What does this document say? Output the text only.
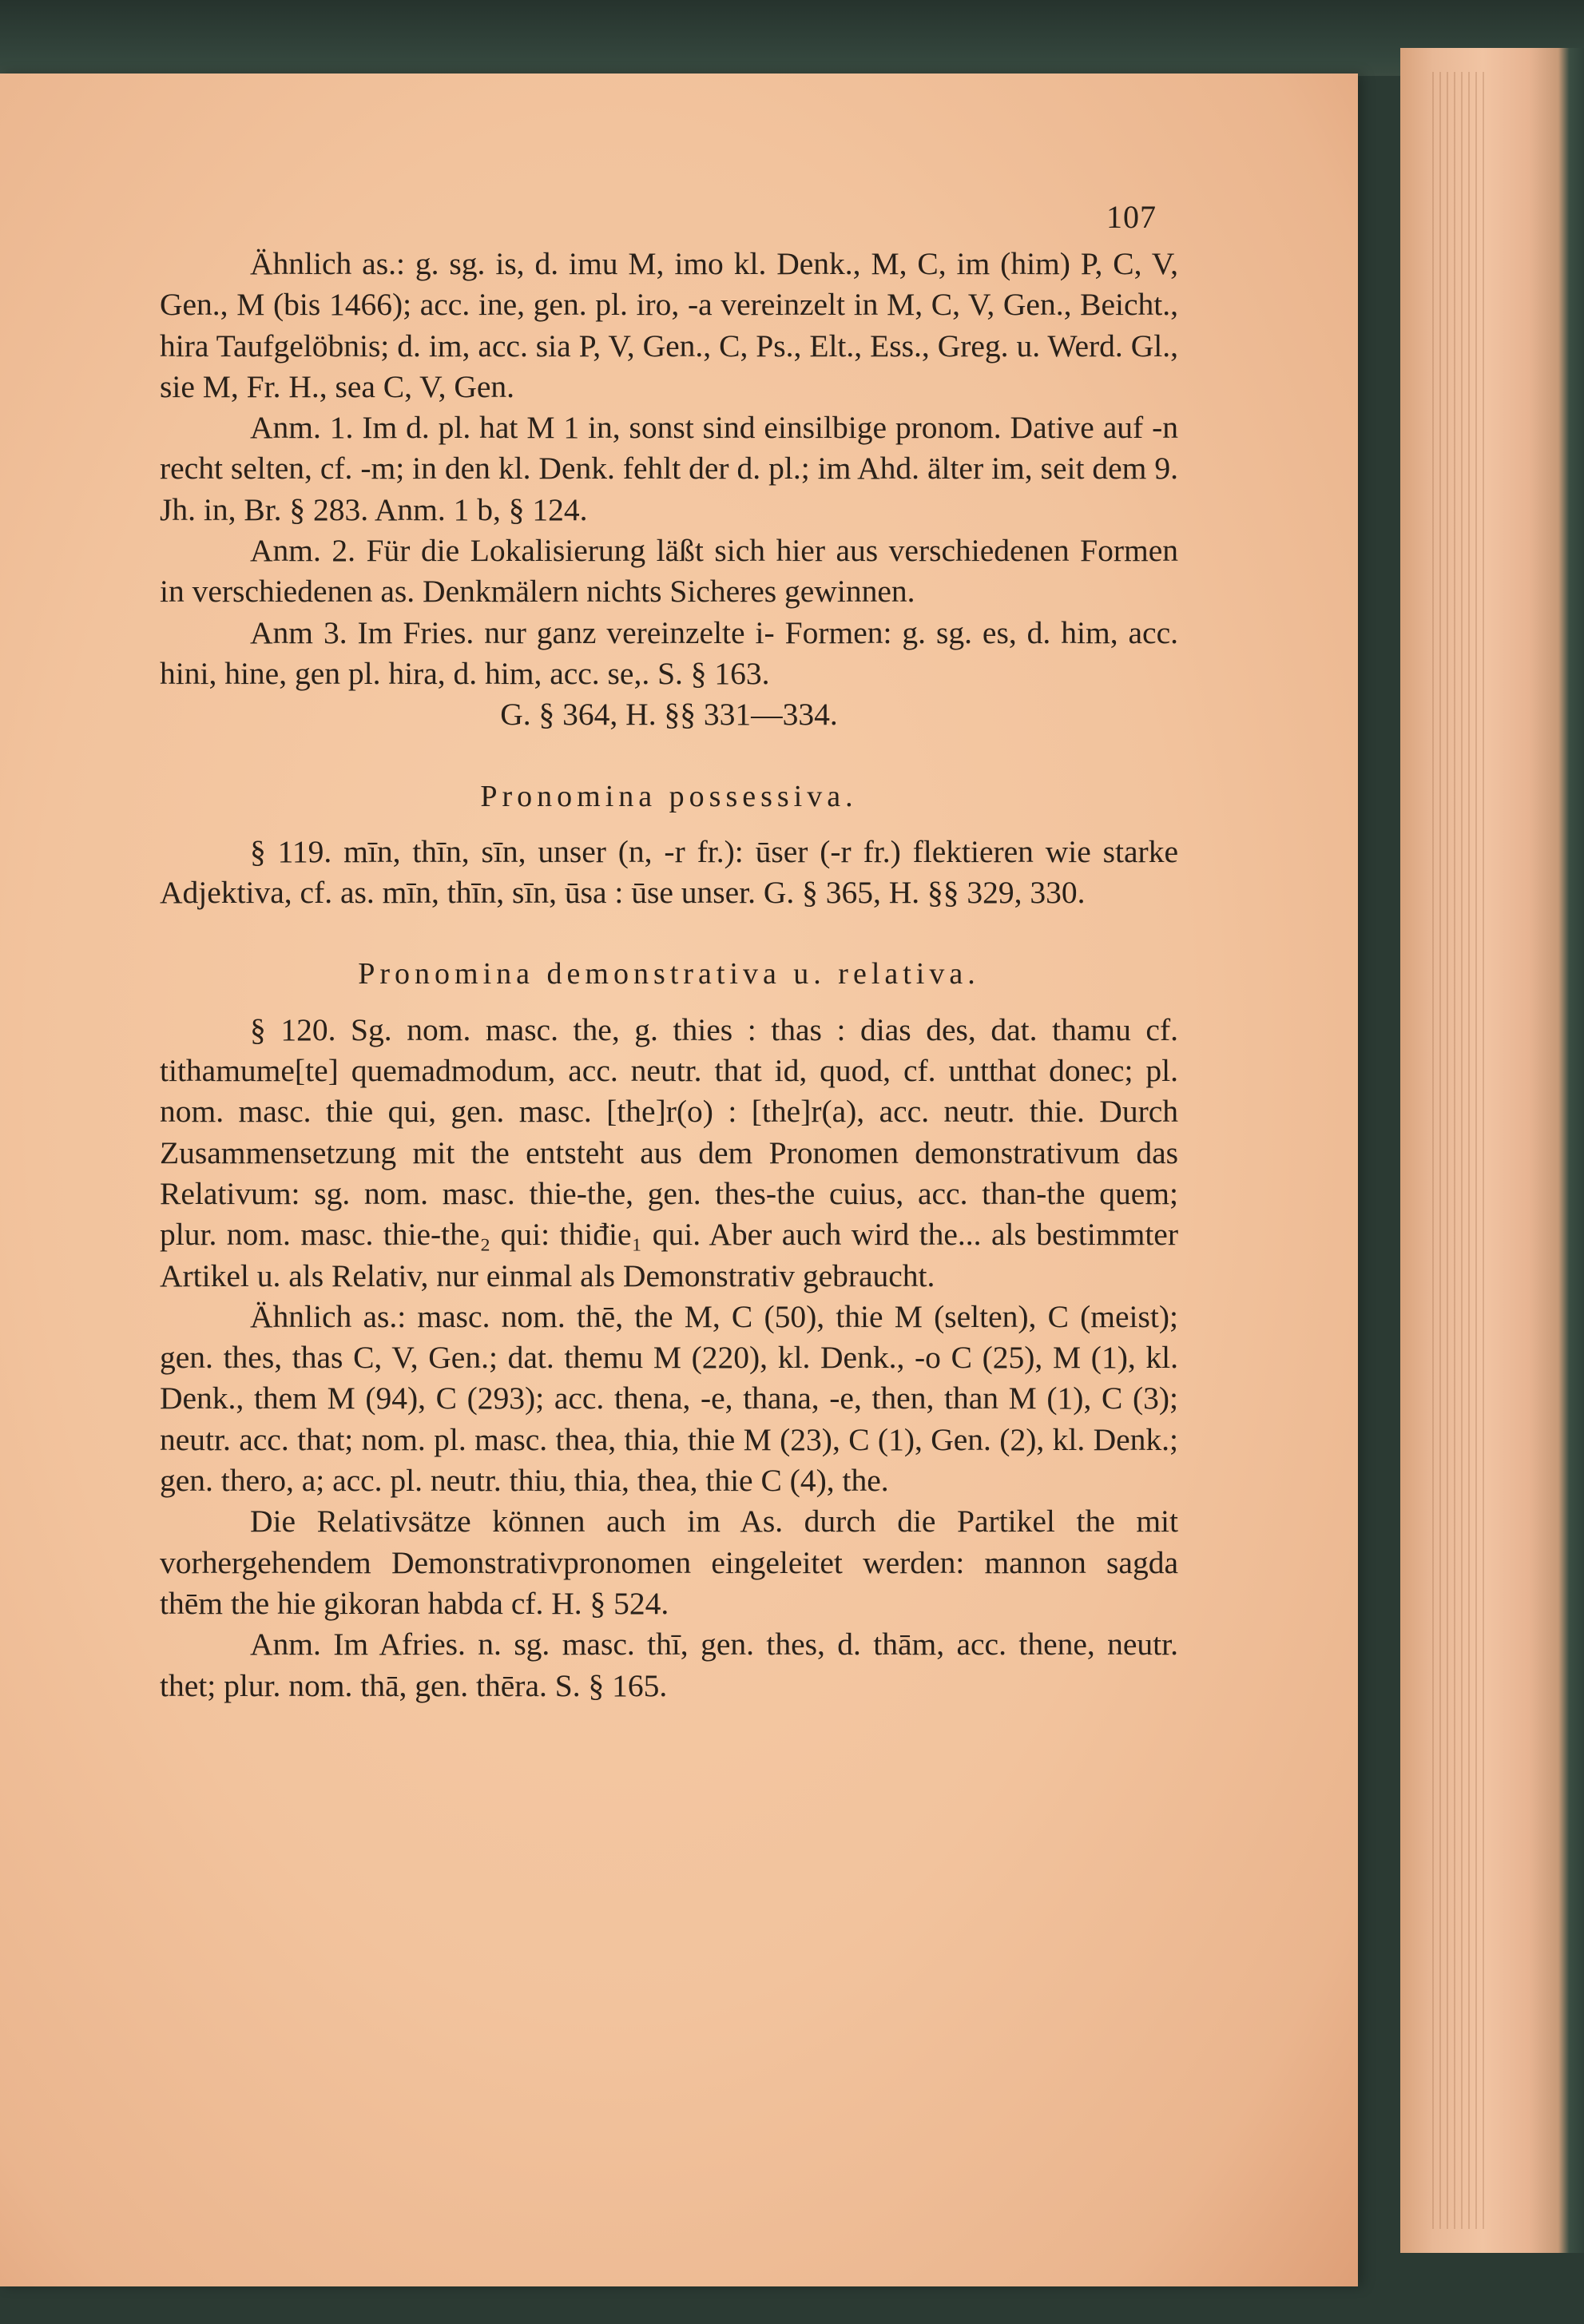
107

Ähnlich as.: g. sg. is, d. imu M, imo kl. Denk., M, C, im (him) P, C, V, Gen., M (bis 1466); acc. ine, gen. pl. iro, -a vereinzelt in M, C, V, Gen., Beicht., hira Taufgelöbnis; d. im, acc. sia P, V, Gen., C, Ps., Elt., Ess., Greg. u. Werd. Gl., sie M, Fr. H., sea C, V, Gen.

Anm. 1. Im d. pl. hat M 1 in, sonst sind einsilbige pronom. Dative auf -n recht selten, cf. -m; in den kl. Denk. fehlt der d. pl.; im Ahd. älter im, seit dem 9. Jh. in, Br. § 283. Anm. 1 b, § 124.

Anm. 2. Für die Lokalisierung läßt sich hier aus verschiedenen Formen in verschiedenen as. Denkmälern nichts Sicheres gewinnen.

Anm 3. Im Fries. nur ganz vereinzelte i- Formen: g. sg. es, d. him, acc. hini, hine, gen pl. hira, d. him, acc. se,. S. § 163.

G. § 364, H. §§ 331—334.

Pronomina possessiva.

§ 119. mīn, thīn, sīn, unser (n, -r fr.): ūser (-r fr.) flektieren wie starke Adjektiva, cf. as. mīn, thīn, sīn, ūsa : ūse unser. G. § 365, H. §§ 329, 330.

Pronomina demonstrativa u. relativa.

§ 120. Sg. nom. masc. the, g. thies : thas : dias des, dat. thamu cf. tithamume[te] quemadmodum, acc. neutr. that id, quod, cf. untthat donec; pl. nom. masc. thie qui, gen. masc. [the]r(o) : [the]r(a), acc. neutr. thie. Durch Zusammensetzung mit the entsteht aus dem Pronomen demonstrativum das Relativum: sg. nom. masc. thie-the, gen. thes-the cuius, acc. than-the quem; plur. nom. masc. thie-the₂ qui: thiđie₁ qui. Aber auch wird the... als bestimmter Artikel u. als Relativ, nur einmal als Demonstrativ gebraucht.

Ähnlich as.: masc. nom. thē, the M, C (50), thie M (selten), C (meist); gen. thes, thas C, V, Gen.; dat. themu M (220), kl. Denk., -o C (25), M (1), kl. Denk., them M (94), C (293); acc. thena, -e, thana, -e, then, than M (1), C (3); neutr. acc. that; nom. pl. masc. thea, thia, thie M (23), C (1), Gen. (2), kl. Denk.; gen. thero, a; acc. pl. neutr. thiu, thia, thea, thie C (4), the.

Die Relativsätze können auch im As. durch die Partikel the mit vorhergehendem Demonstrativpronomen eingeleitet werden: mannon sagda thēm the hie gikoran habda cf. H. § 524.

Anm. Im Afries. n. sg. masc. thī, gen. thes, d. thām, acc. thene, neutr. thet; plur. nom. thā, gen. thēra. S. § 165.
